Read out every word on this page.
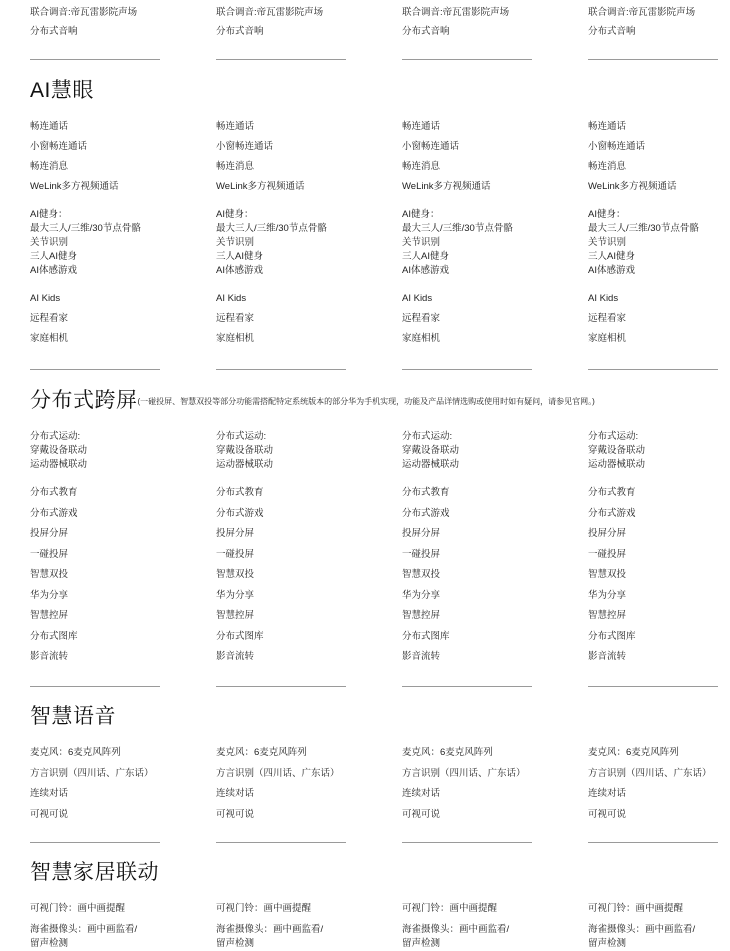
联合调音:帝瓦雷影院声场
分布式音响
联合调音:帝瓦雷影院声场
分布式音响
联合调音:帝瓦雷影院声场
分布式音响
联合调音:帝瓦雷影院声场
分布式音响
AI慧眼
畅连通话
小窗畅连通话
畅连消息
WeLink多方视频通话
AI健身：
最大三人/三维/30节点骨骼
关节识别
三人AI健身
AI体感游戏
AI Kids
远程看家
家庭相机
畅连通话
小窗畅连通话
畅连消息
WeLink多方视频通话
AI健身：
最大三人/三维/30节点骨骼
关节识别
三人AI健身
AI体感游戏
AI Kids
远程看家
家庭相机
畅连通话
小窗畅连通话
畅连消息
WeLink多方视频通话
AI健身：
最大三人/三维/30节点骨骼
关节识别
三人AI健身
AI体感游戏
AI Kids
远程看家
家庭相机
畅连通话
小窗畅连通话
畅连消息
WeLink多方视频通话
AI健身：
最大三人/三维/30节点骨骼
关节识别
三人AI健身
AI体感游戏
AI Kids
远程看家
家庭相机
分布式跨屏(一碰投屏、智慧双投等部分功能需搭配特定系统版本的部分华为手机实现，功能及产品详情选购或使用时如有疑问，请参见官网。)
分布式运动:
穿戴设备联动
运动器械联动
分布式教育
分布式游戏
投屏分屏
一碰投屏
智慧双投
华为分享
智慧控屏
分布式图库
影音流转
分布式运动:
穿戴设备联动
运动器械联动
分布式教育
分布式游戏
投屏分屏
一碰投屏
智慧双投
华为分享
智慧控屏
分布式图库
影音流转
分布式运动:
穿戴设备联动
运动器械联动
分布式教育
分布式游戏
投屏分屏
一碰投屏
智慧双投
华为分享
智慧控屏
分布式图库
影音流转
分布式运动:
穿戴设备联动
运动器械联动
分布式教育
分布式游戏
投屏分屏
一碰投屏
智慧双投
华为分享
智慧控屏
分布式图库
影音流转
智慧语音
麦克风：6麦克风阵列
方言识别（四川话、广东话）
连续对话
可视可说
麦克风：6麦克风阵列
方言识别（四川话、广东话）
连续对话
可视可说
麦克风：6麦克风阵列
方言识别（四川话、广东话）
连续对话
可视可说
麦克风：6麦克风阵列
方言识别（四川话、广东话）
连续对话
可视可说
智慧家居联动
可视门铃：画中画提醒
海雀摄像头：画中画监看/
留声检测
可视门铃：画中画提醒
海雀摄像头：画中画监看/
留声检测
可视门铃：画中画提醒
海雀摄像头：画中画监看/
留声检测
可视门铃：画中画提醒
海雀摄像头：画中画监看/
留声检测
